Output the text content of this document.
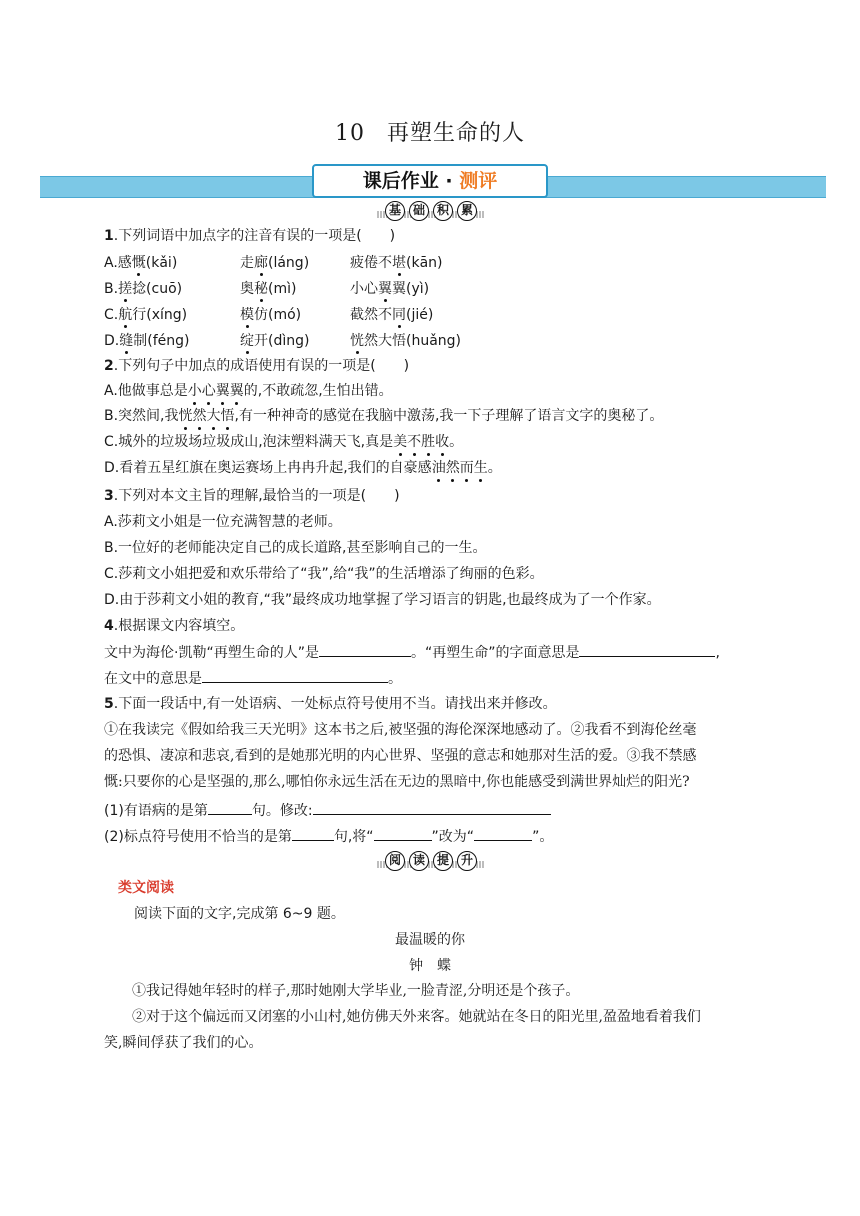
10 再塑生命的人
课后作业 · 测评
基 础 积 累
1.下列词语中加点字的注音有误的一项是( )
A.感慨(kǎi)	走廊(láng)	疲倦不堪(kān)
B.搓捻(cuō)	奥秘(mì)	小心翼翼(yì)
C.航行(xíng)	模仿(mó)	截然不同(jié)
D.缝制(féng)	绽开(dìng)	恍然大悟(huǎng)
2.下列句子中加点的成语使用有误的一项是( )
A.他做事总是小心翼翼的,不敢疏忽,生怕出错。
B.突然间,我恍然大悟,有一种神奇的感觉在我脑中激荡,我一下子理解了语言文字的奥秘了。
C.城外的垃圾场垃圾成山,泡沫塑料满天飞,真是美不胜收。
D.看着五星红旗在奥运赛场上冉冉升起,我们的自豪感油然而生。
3.下列对本文主旨的理解,最恰当的一项是( )
A.莎莉文小姐是一位充满智慧的老师。
B.一位好的老师能决定自己的成长道路,甚至影响自己的一生。
C.莎莉文小姐把爱和欢乐带给了“我”,给“我”的生活增添了绚丽的色彩。
D.由于莎莉文小姐的教育,“我”最终成功地掌握了学习语言的钥匙,也最终成为了一个作家。
4.根据课文内容填空。
文中为海伦·凯勒“再塑生命的人”是	。“再塑生命”的字面意思是	,
在文中的意思是	。
5.下面一段话中,有一处语病、一处标点符号使用不当。请找出来并修改。
①在我读完《假如给我三天光明》这本书之后,被坚强的海伦深深地感动了。②我看不到海伦丝毫
的恐惧、凄凉和悲哀,看到的是她那光明的内心世界、坚强的意志和她那对生活的爱。③我不禁感
慨:只要你的心是坚强的,那么,哪怕你永远生活在无边的黑暗中,你也能感受到满世界灿烂的阳光?
(1)有语病的是第	句。修改:
(2)标点符号使用不恰当的是第	句,将“	”改为“	”。
阅 读 提 升
类文阅读
阅读下面的文字,完成第 6~9 题。
最温暖的你
钟　蝶
①我记得她年轻时的样子,那时她刚大学毕业,一脸青涩,分明还是个孩子。
②对于这个偏远而又闭塞的小山村,她仿佛天外来客。她就站在冬日的阳光里,盈盈地看着我们
笑,瞬间俘获了我们的心。
